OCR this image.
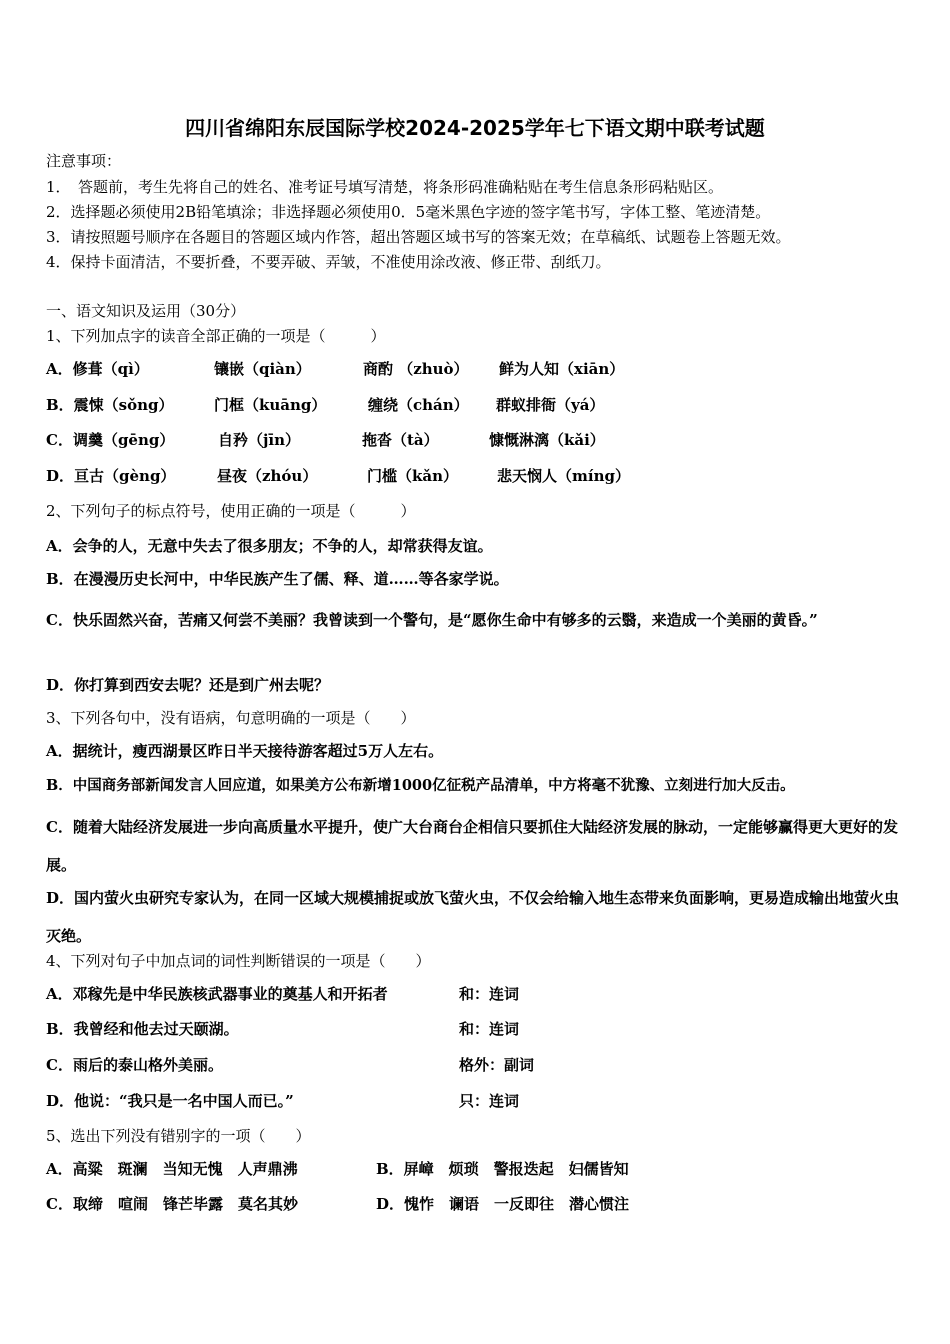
四川省绵阳东辰国际学校2024-2025学年七下语文期中联考试题
注意事项：
1．　答题前，考生先将自己的姓名、准考证号填写清楚，将条形码准确粘贴在考生信息条形码粘贴区。
2．选择题必须使用2B铅笔填涂；非选择题必须使用0．5毫米黑色字迹的签字笔书写，字体工整、笔迹清楚。
3．请按照题号顺序在各题目的答题区域内作答，超出答题区域书写的答案无效；在草稿纸、试题卷上答题无效。
4．保持卡面清洁，不要折叠，不要弄破、弄皱，不准使用涂改液、修正带、刮纸刀。
一、语文知识及运用（30分）
1、下列加点字的读音全部正确的一项是（　　　）
A．修葺（qì）	镶嵌（qiàn）	商酌 （zhuò） 鲜为人知（xiān）
B．震悚（sǒng）	门框（kuāng）	缠绕（chán） 群蚁排衙（yá）
C．调羹（gēng）	自矜（jīn）	拖沓（tà）	慷慨淋漓（kǎi）
D．亘古（gèng）	昼夜（zhóu）	门槛（kǎn）	悲天悯人（míng）
2、下列句子的标点符号，使用正确的一项是（　　　）
A．会争的人，无意中失去了很多朋友；不争的人，却常获得友谊。
B．在漫漫历史长河中，中华民族产生了儒、释、道……等各家学说。
C．快乐固然兴奋，苦痛又何尝不美丽？我曾读到一个警句，是“愿你生命中有够多的云翳，来造成一个美丽的黄昏。”
D．你打算到西安去呢？还是到广州去呢？
3、下列各句中，没有语病，句意明确的一项是（　　）
A．据统计，瘦西湖景区昨日半天接待游客超过5万人左右。
B．中国商务部新闻发言人回应道，如果美方公布新增1000亿征税产品清单，中方将毫不犹豫、立刻进行加大反击。
C．随着大陆经济发展进一步向高质量水平提升，使广大台商台企相信只要抓住大陆经济发展的脉动，一定能够赢得更大更好的发展。
D．国内萤火虫研究专家认为，在同一区域大规模捕捉或放飞萤火虫，不仅会给输入地生态带来负面影响，更易造成输出地萤火虫灭绝。
4、下列对句子中加点词的词性判断错误的一项是（　　）
A．邓稼先是中华民族核武器事业的奠基人和开拓者	和：连词
B．我曾经和他去过天颐湖。	和：连词
C．雨后的泰山格外美丽。	格外：副词
D．他说：“我只是一名中国人而已。”	只：连词
5、选出下列没有错别字的一项（　　）
A．高粱　斑澜　当知无愧　人声鼎沸	B．屏嶂　烦琐　警报迭起　妇儒皆知
C．取缔　喧闹　锋芒毕露　莫名其妙	D．愧怍　谰语　一反即往　潜心惯注
